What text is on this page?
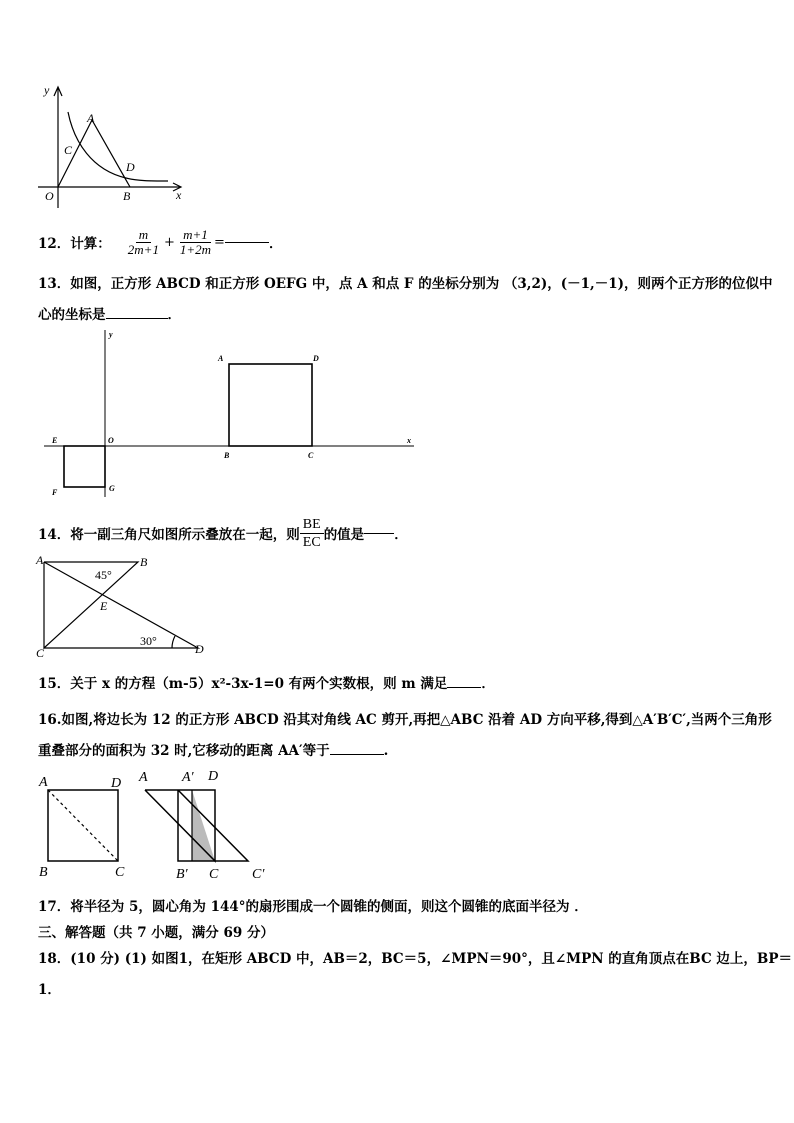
y
x
O
A
B
C
D
12．计算： $\frac{m}{2m+1} + \frac{m+1}{1+2m}$ =	．
13．如图，正方形 ABCD 和正方形 OEFG 中，点 A 和点 F 的坐标分别为 （3,2)，(－1,－1)，则两个正方形的位似中
心的坐标是	．
y
x
O
E
F	G
A	D
B	C
14．将一副三角尺如图所示叠放在一起，则 $\frac{BE}{EC}$ 的值是 ．
A	B
C	D
E
45°
30°
15．关于 x 的方程（m-5）x²-3x-1=0 有两个实数根，则 m 满足	．
16.如图,将边长为 12 的正方形 ABCD 沿其对角线 AC 剪开,再把△ABC 沿着 AD 方向平移,得到△A′B′C′,当两个三角形
重叠部分的面积为 32 时,它移动的距离 AA′等于	.
A	D
B	C
A A′ D
B′ C C′
17．将半径为 5，圆心角为 144°的扇形围成一个圆锥的侧面，则这个圆锥的底面半径为 ．
三、解答题（共 7 小题，满分 69 分）
18．(10 分) (1) 如图1，在矩形 ABCD 中，AB＝2，BC＝5，∠MPN＝90°，且∠MPN 的直角顶点在BC 边上，BP＝
1．
